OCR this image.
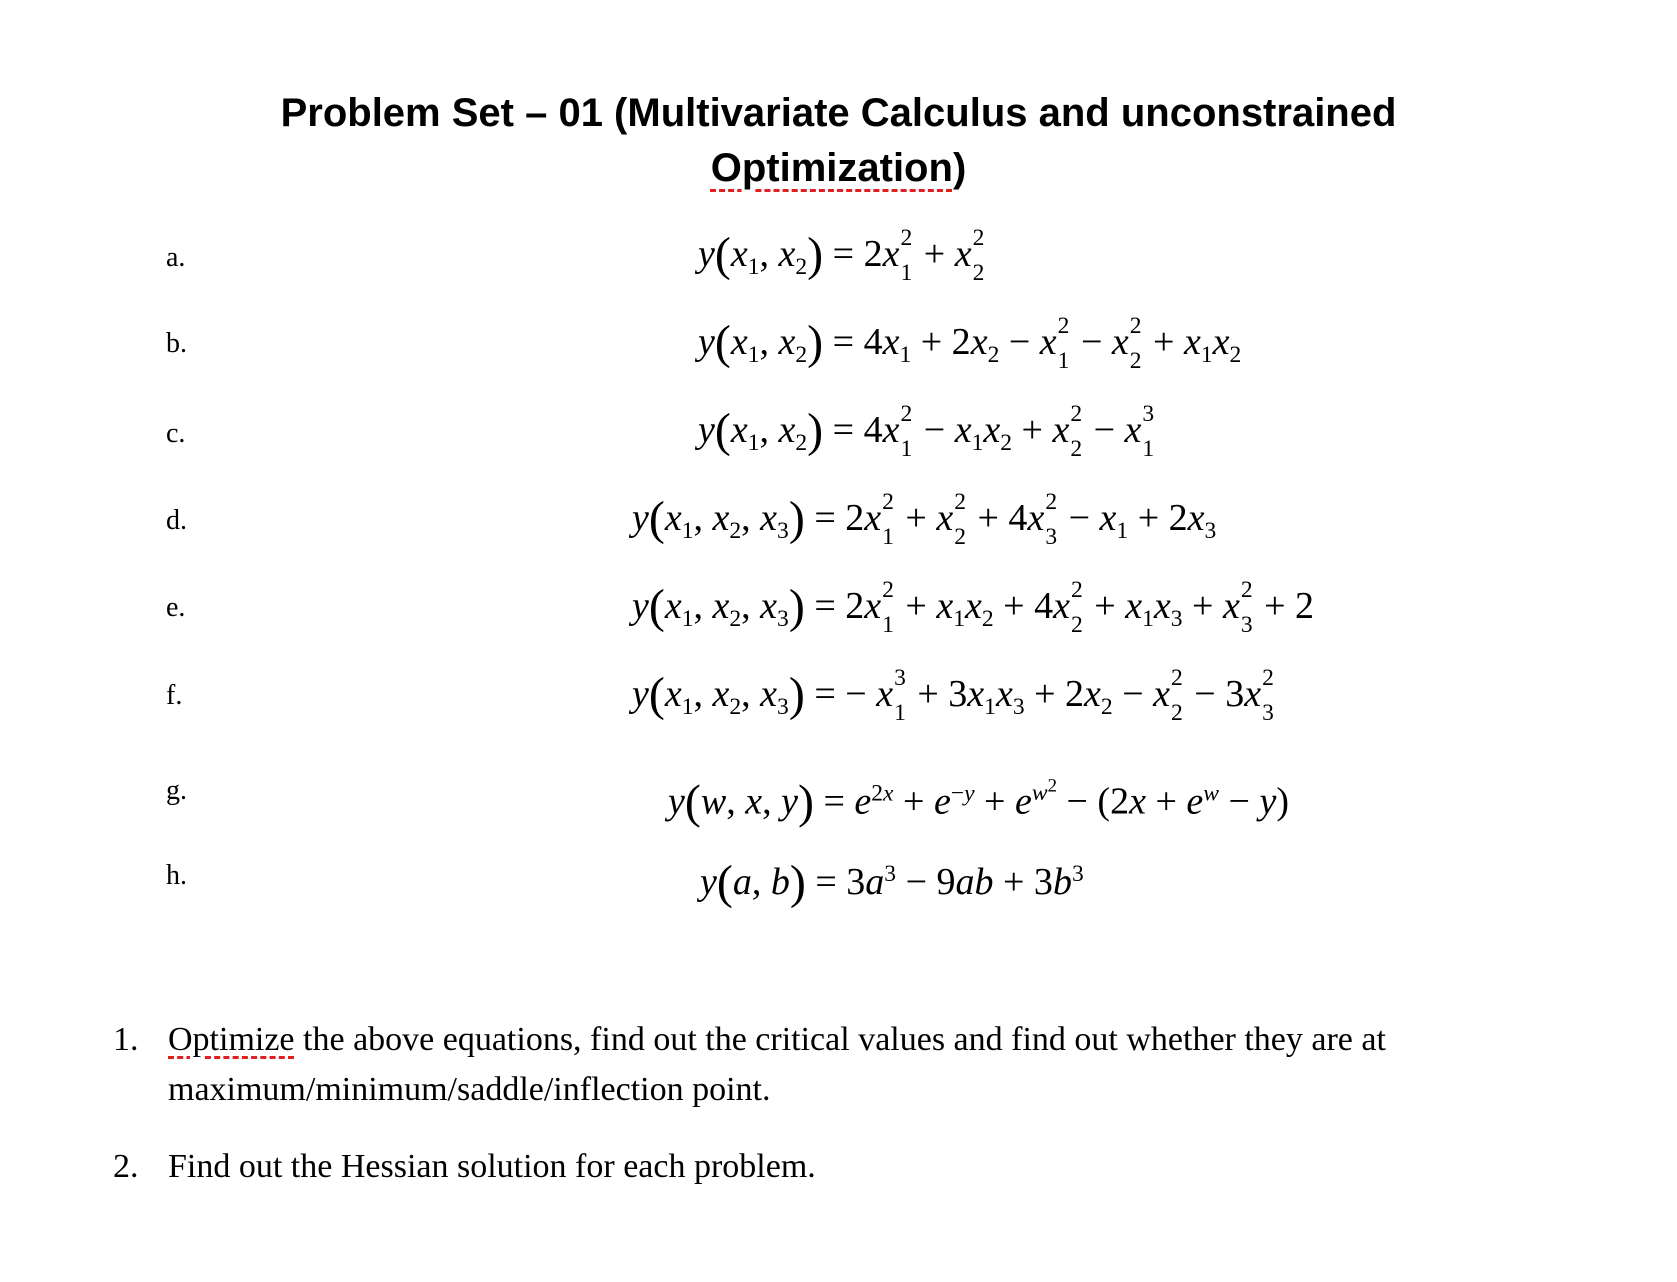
Problem Set – 01 (Multivariate Calculus and unconstrained
Optimization)
a.
b.
c.
d.
e.
f.
g.
h.
$y(x_1$, $x_2) = 2x$ 2
1 + x 2
2
$y(x_1$, $x_2) = 4x_1 + 2x_2 - x$ 2
1 − x 2
$2 + x_1x_2$
$y(x_1$, $x_2) = 4x$ 2
$1 - x_1x_2 + x$ 2
2 − x 3
1
$y(x_1$, $x_2$, $x_3) = 2x$ 2
1 + x 2
2 + 4x 2
$3 - x_1 + 2x_3$
$y(x_1$, $x_2$, $x_3) = 2x$ 2
$1 + x_1x_2 + 4x$ 2
$2 + x_1x_3 + x$ 2
3 + 2
$y(x_1$, $x_2$, $x_3$) = − x 3
$1 + 3x_1x_3 + 2x_2 - x$ 2
2 − 3x 2
3
y(w, x, $y) = e^{2x} + e^{-y} + e^{w^2} - (2x + e^w - y)$
y(a, $b) = 3a^3 - 9ab + 3b^3$
1. Optimize the above equations, find out the critical values and find out whether they are at maximum/minimum/saddle/inflection point.
2. Find out the Hessian solution for each problem.
